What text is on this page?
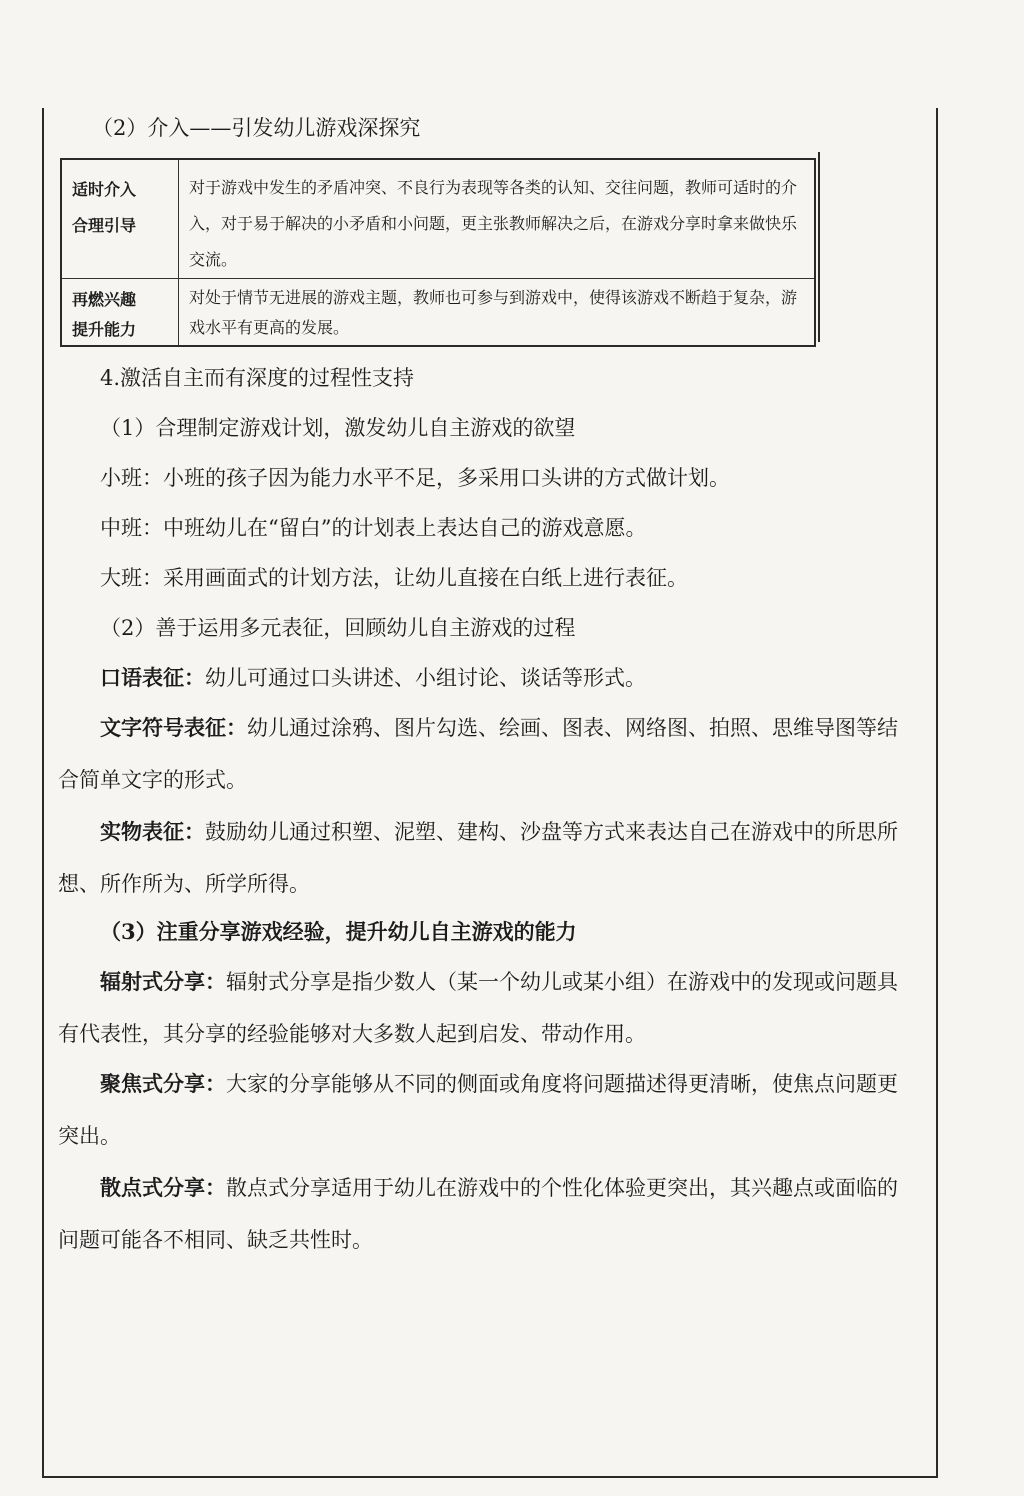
（2）介入——引发幼儿游戏深探究
适时介入
合理引导	对于游戏中发生的矛盾冲突、不良行为表现等各类的认知、交往问题，教师可适时的介入，对于易于解决的小矛盾和小问题，更主张教师解决之后，在游戏分享时拿来做快乐交流。

再燃兴趣
提升能力	对处于情节无进展的游戏主题，教师也可参与到游戏中，使得该游戏不断趋于复杂，游戏水平有更高的发展。
4.激活自主而有深度的过程性支持
（1）合理制定游戏计划，激发幼儿自主游戏的欲望
小班：小班的孩子因为能力水平不足，多采用口头讲的方式做计划。
中班：中班幼儿在“留白”的计划表上表达自己的游戏意愿。
大班：采用画面式的计划方法，让幼儿直接在白纸上进行表征。
（2）善于运用多元表征，回顾幼儿自主游戏的过程
口语表征：幼儿可通过口头讲述、小组讨论、谈话等形式。
文字符号表征：幼儿通过涂鸦、图片勾选、绘画、图表、网络图、拍照、思维导图等结合简单文字的形式。
实物表征：鼓励幼儿通过积塑、泥塑、建构、沙盘等方式来表达自己在游戏中的所思所想、所作所为、所学所得。
（3）注重分享游戏经验，提升幼儿自主游戏的能力
辐射式分享：辐射式分享是指少数人（某一个幼儿或某小组）在游戏中的发现或问题具有代表性，其分享的经验能够对大多数人起到启发、带动作用。
聚焦式分享：大家的分享能够从不同的侧面或角度将问题描述得更清晰，使焦点问题更突出。
散点式分享：散点式分享适用于幼儿在游戏中的个性化体验更突出，其兴趣点或面临的问题可能各不相同、缺乏共性时。
